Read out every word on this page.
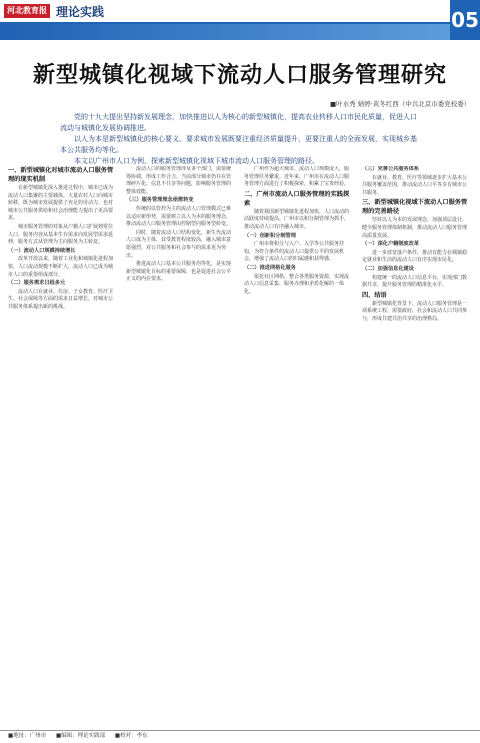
河北教育报 理论实践	05
新型城镇化视域下流动人口服务管理研究
■叶水秀 婧婷·黄冬红西（中共北京市委党校委）

党的十九大提出坚持新发展理念，加快推进以人为核心的新型城镇化，提高农业转移人口市民化质量，促进人口流动与城镇化发展协调推进。

以人为本是新型城镇化的核心要义。要求城市发展既要注重经济质量提升，更要注重人的全面发展，实现城乡基本公共服务均等化。

本文以广州市人口为例，探索新型城镇化视域下城市流动人口服务管理的路径。

一、新型城镇化对城市流动人口服务管理的现实机制

在新型城镇化深入推进过程中，城市已成为流动人口集聚的主要载体。大量农村人口向城市转移，既为城市发展提供了充足的劳动力，也对城市公共服务供给和社会治理能力提出了更高要求。

城市服务管理的对象从户籍人口扩展到常住人口，服务内容从基本生存需求向发展型需求延伸，服务方式从管理为主向服务为主转变。

（一）流动人口规模持续增长

改革开放以来，随着工业化和城镇化进程加快，人口流动规模不断扩大，流动人口已成为城市人口的重要组成部分。

（二）服务需求日趋多元

流动人口在就业、住房、子女教育、医疗卫生、社会保障等方面的需求日益增长，对城市公共服务体系提出新的挑战。

流动人口的服务管理涉及多个部门，需要统筹协调，形成工作合力。当前部分城市仍存在管理碎片化、信息不共享等问题，影响服务管理的整体效能。

（三）服务管理理念亟需转变

传统的以管控为主的流动人口管理模式已难以适应新形势，需要树立以人为本的服务理念，推动流动人口服务管理由控制型向服务型转变。

同时，随着流动人口结构变化，新生代流动人口成为主体，其受教育程度较高，融入城市意愿强烈，对公共服务和社会参与的需求更为突出。

推进流动人口基本公共服务均等化，是实现新型城镇化目标的重要保障，也是促进社会公平正义的内在要求。

广州作为超大城市，流动人口规模庞大，服务管理任务繁重。近年来，广州市在流动人口服务管理方面进行了积极探索，积累了宝贵经验。

二、广州市流动人口服务管理的实践探索

随着我国新型城镇化进程加快，人口流动的活跃度持续提高。广州市以积分制管理为抓手，推动流动人口有序融入城市。

（一）创新积分制管理

广州市将积分与入户、入学等公共服务挂钩，为符合条件的流动人口提供公平的发展机会，增强了流动人口的归属感和获得感。

（二）推进网格化服务

依托社区网格，整合各类服务资源，实现流动人口信息采集、服务办理和矛盾化解的一体化。

（三）完善公共服务体系

在就业、教育、医疗等领域逐步扩大基本公共服务覆盖范围，推动流动人口平等享有城市公共服务。

三、新型城镇化视域下流动人口服务管理的完善路径

坚持以人为本的发展理念，加强顶层设计，健全服务管理体制机制，推动流动人口服务管理高质量发展。

（一）深化户籍制度改革

进一步放宽落户条件，推动有能力在城镇稳定就业和生活的流动人口有序实现市民化。

（二）加强信息化建设

构建统一的流动人口信息平台，实现部门数据共享，提升服务管理的精准化水平。

四、结语

新型城镇化背景下，流动人口服务管理是一项系统工程，需要政府、社会和流动人口共同参与，形成共建共治共享的治理格局。

■地址：广州市 ■编辑：理论实践部 ■校对：李东
